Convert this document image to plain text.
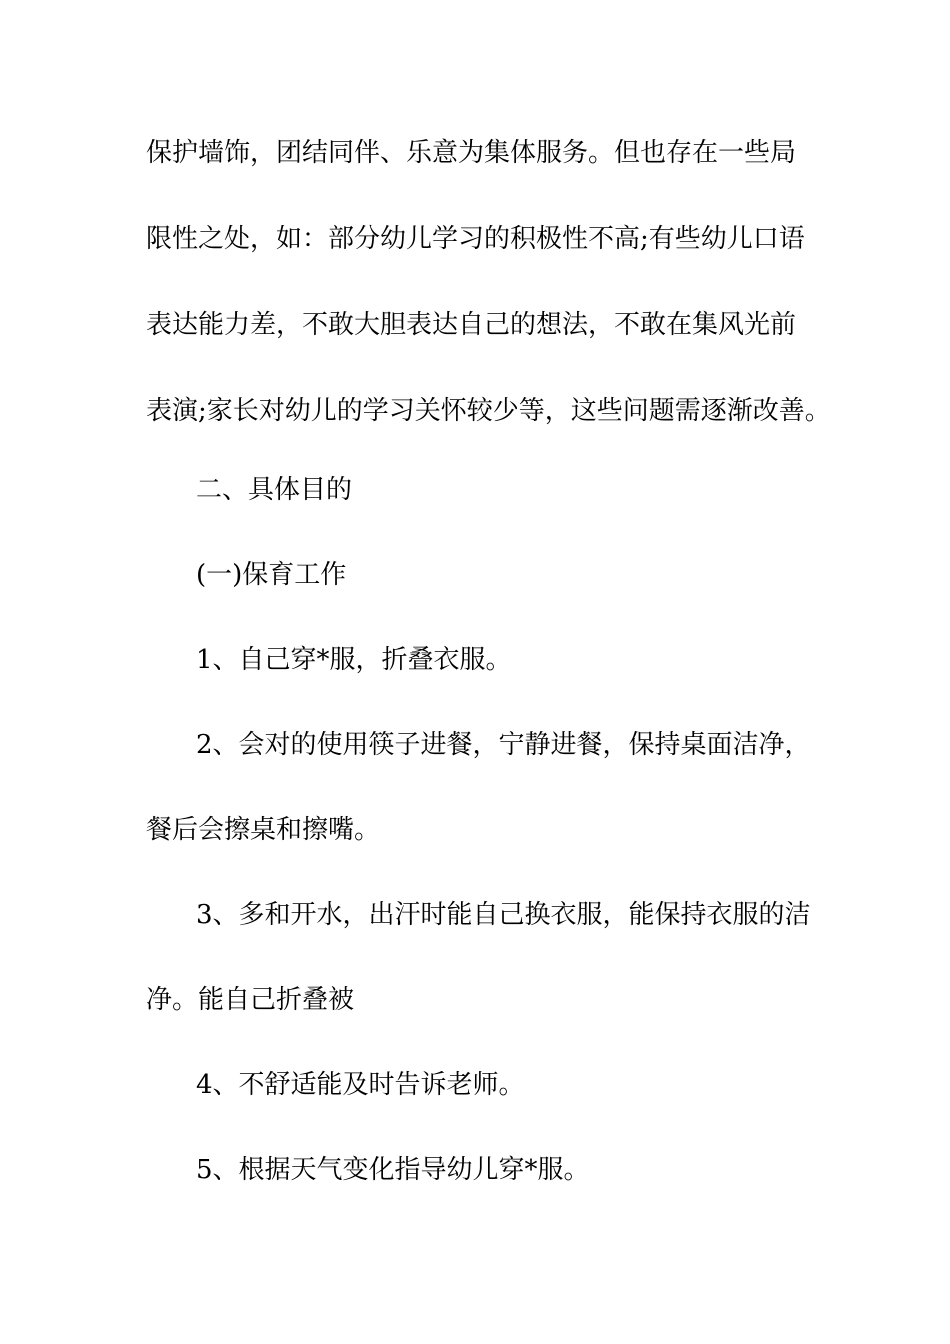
保护墙饰，团结同伴、乐意为集体服务。但也存在一些局
限性之处，如：部分幼儿学习的积极性不高;有些幼儿口语
表达能力差，不敢大胆表达自己的想法，不敢在集风光前
表演;家长对幼儿的学习关怀较少等，这些问题需逐渐改善。
二、具体目的
(一)保育工作
1、自己穿*服，折叠衣服。
2、会对的使用筷子进餐，宁静进餐，保持桌面洁净，
餐后会擦桌和擦嘴。
3、多和开水，出汗时能自己换衣服，能保持衣服的洁
净。能自己折叠被
4、不舒适能及时告诉老师。
5、根据天气变化指导幼儿穿*服。
